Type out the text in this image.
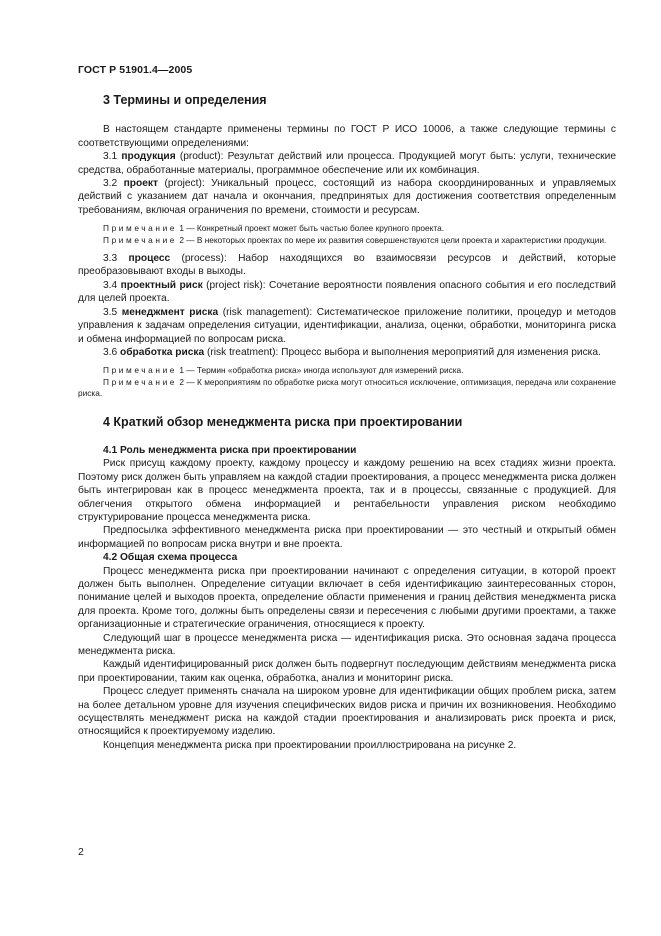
ГОСТ Р 51901.4—2005
3 Термины и определения

В настоящем стандарте применены термины по ГОСТ Р ИСО 10006, а также следующие термины с соответствующими определениями:

3.1 продукция (product): Результат действий или процесса. Продукцией могут быть: услуги, технические средства, обработанные материалы, программное обеспечение или их комбинация.

3.2 проект (project): Уникальный процесс, состоящий из набора скоординированных и управляемых действий с указанием дат начала и окончания, предпринятых для достижения соответствия определенным требованиям, включая ограничения по времени, стоимости и ресурсам.

Примечание 1 — Конкретный проект может быть частью более крупного проекта.

Примечание 2 — В некоторых проектах по мере их развития совершенствуются цели проекта и характеристики продукции.

3.3 процесс (process): Набор находящихся во взаимосвязи ресурсов и действий, которые преобразовывают входы в выходы.

3.4 проектный риск (project risk): Сочетание вероятности появления опасного события и его последствий для целей проекта.

3.5 менеджмент риска (risk management): Систематическое приложение политики, процедур и методов управления к задачам определения ситуации, идентификации, анализа, оценки, обработки, мониторинга риска и обмена информацией по вопросам риска.

3.6 обработка риска (risk treatment): Процесс выбора и выполнения мероприятий для изменения риска.

Примечание 1 — Термин «обработка риска» иногда используют для измерений риска.

Примечание 2 — К мероприятиям по обработке риска могут относиться исключение, оптимизация, передача или сохранение риска.

4 Краткий обзор менеджмента риска при проектировании
4.1 Роль менеджмента риска при проектировании

Риск присущ каждому проекту, каждому процессу и каждому решению на всех стадиях жизни проекта. Поэтому риск должен быть управляем на каждой стадии проектирования, а процесс менеджмента риска должен быть интегрирован как в процесс менеджмента проекта, так и в процессы, связанные с продукцией. Для облегчения открытого обмена информацией и рентабельности управления риском необходимо структурирование процесса менеджмента риска.

Предпосылка эффективного менеджмента риска при проектировании — это честный и открытый обмен информацией по вопросам риска внутри и вне проекта.

4.2 Общая схема процесса

Процесс менеджмента риска при проектировании начинают с определения ситуации, в которой проект должен быть выполнен. Определение ситуации включает в себя идентификацию заинтересованных сторон, понимание целей и выходов проекта, определение области применения и границ действия менеджмента риска для проекта. Кроме того, должны быть определены связи и пересечения с любыми другими проектами, а также организационные и стратегические ограничения, относящиеся к проекту.

Следующий шаг в процессе менеджмента риска — идентификация риска. Это основная задача процесса менеджмента риска.

Каждый идентифицированный риск должен быть подвергнут последующим действиям менеджмента риска при проектировании, таким как оценка, обработка, анализ и мониторинг риска.

Процесс следует применять сначала на широком уровне для идентификации общих проблем риска, затем на более детальном уровне для изучения специфических видов риска и причин их возникновения. Необходимо осуществлять менеджмент риска на каждой стадии проектирования и анализировать риск проекта и риск, относящийся к проектируемому изделию.

Концепция менеджмента риска при проектировании проиллюстрирована на рисунке 2.

2
